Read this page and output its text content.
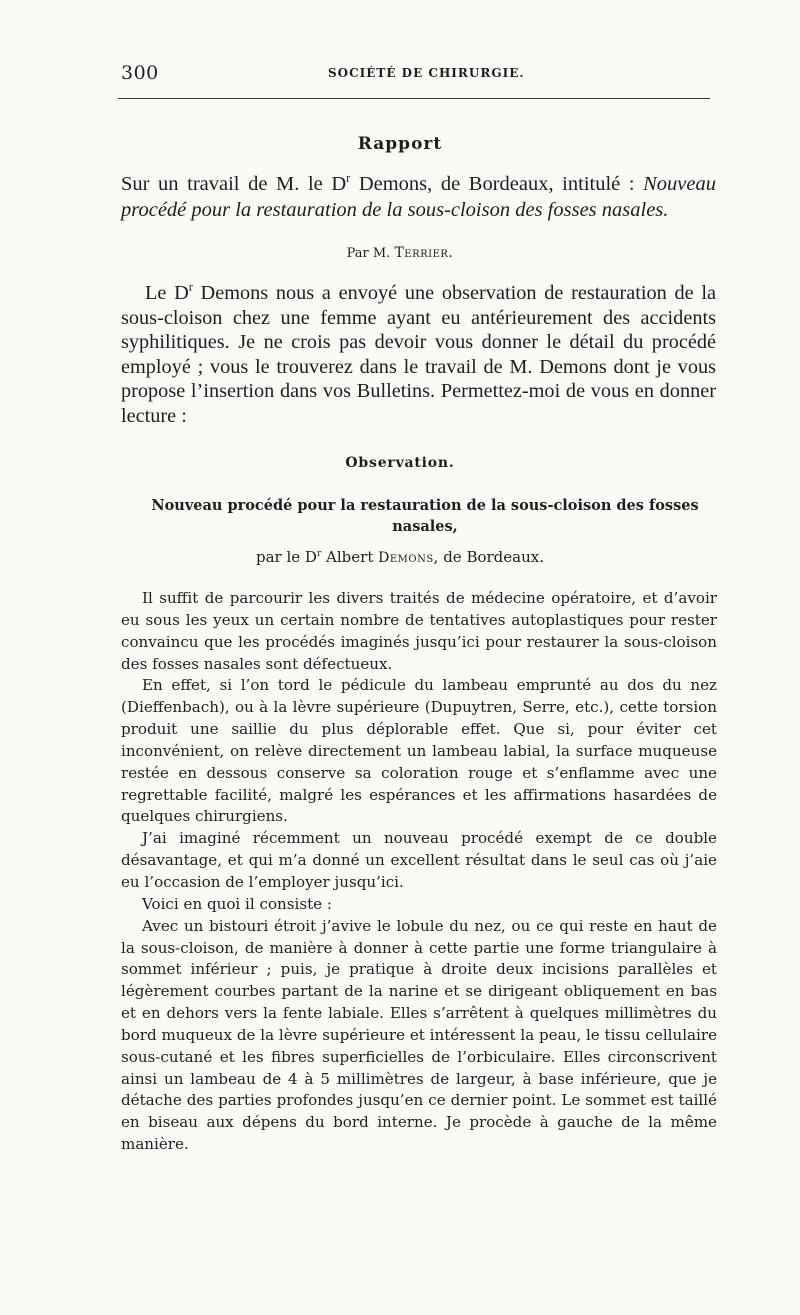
300	SOCIÉTÉ DE CHIRURGIE.
Rapport
Sur un travail de M. le $D^r$ Demons, de Bordeaux, intitulé : Nouveau procédé pour la restauration de la sous-cloison des fosses nasales.
Par M. Terrier.
Le $D^r$ Demons nous a envoyé une observation de restauration de la sous-cloison chez une femme ayant eu antérieurement des accidents syphilitiques. Je ne crois pas devoir vous donner le détail du procédé employé ; vous le trouverez dans le travail de M. Demons dont je vous propose l’insertion dans vos Bulletins. Permettez-moi de vous en donner lecture :
Observation.
Nouveau procédé pour la restauration de la sous-cloison des fosses nasales,
par le $D^r$ Albert Demons, de Bordeaux.

Il suffit de parcourir les divers traités de médecine opératoire, et d’avoir eu sous les yeux un certain nombre de tentatives autoplastiques pour rester convaincu que les procédés imaginés jusqu’ici pour restaurer la sous-cloison des fosses nasales sont défectueux.

En effet, si l’on tord le pédicule du lambeau emprunté au dos du nez (Dieffenbach), ou à la lèvre supérieure (Dupuytren, Serre, etc.), cette torsion produit une saillie du plus déplorable effet. Que si, pour éviter cet inconvénient, on relève directement un lambeau labial, la surface muqueuse restée en dessous conserve sa coloration rouge et s’enflamme avec une regrettable facilité, malgré les espérances et les affirmations hasardées de quelques chirurgiens.

J’ai imaginé récemment un nouveau procédé exempt de ce double désavantage, et qui m’a donné un excellent résultat dans le seul cas où j’aie eu l’occasion de l’employer jusqu’ici.

Voici en quoi il consiste :

Avec un bistouri étroit j’avive le lobule du nez, ou ce qui reste en haut de la sous-cloison, de manière à donner à cette partie une forme triangulaire à sommet inférieur ; puis, je pratique à droite deux incisions parallèles et légèrement courbes partant de la narine et se dirigeant obliquement en bas et en dehors vers la fente labiale. Elles s’arrêtent à quelques millimètres du bord muqueux de la lèvre supérieure et intéressent la peau, le tissu cellulaire sous-cutané et les fibres superficielles de l’orbiculaire. Elles circonscrivent ainsi un lambeau de 4 à 5 millimètres de largeur, à base inférieure, que je détache des parties profondes jusqu’en ce dernier point. Le sommet est taillé en biseau aux dépens du bord interne. Je procède à gauche de la même manière.
